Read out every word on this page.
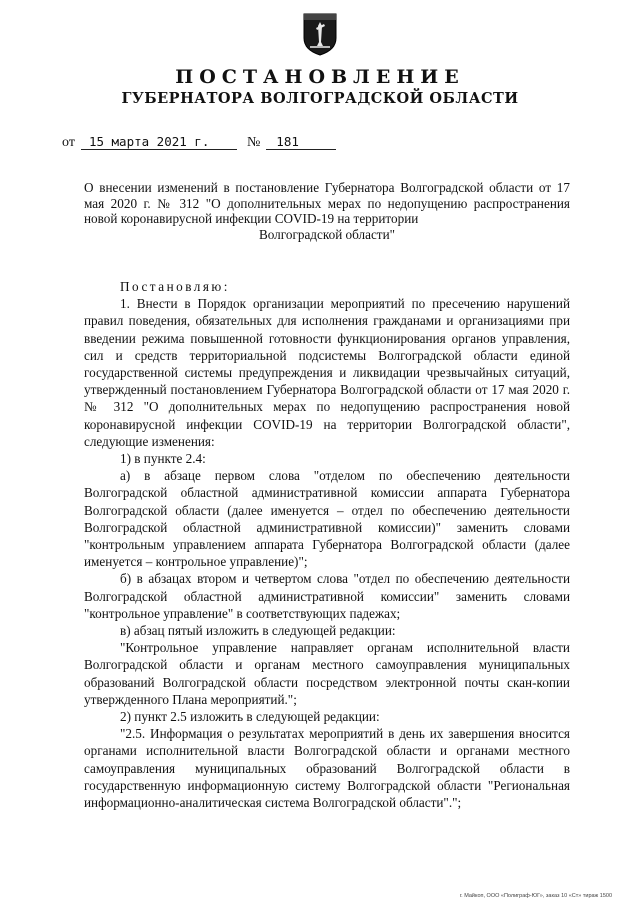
ПОСТАНОВЛЕНИЕ
ГУБЕРНАТОРА ВОЛГОГРАДСКОЙ ОБЛАСТИ
от 15 марта 2021 г.	№ 181
О внесении изменений в постановление Губернатора Волгоградской области от 17 мая 2020 г. № 312 "О дополнительных мерах по недопущению распространения новой коронавирусной инфекции COVID-19 на территории
Волгоградской области"

Постановляю:

1. Внести в Порядок организации мероприятий по пресечению нарушений правил поведения, обязательных для исполнения гражданами и организациями при введении режима повышенной готовности функционирования органов управления, сил и средств территориальной подсистемы Волгоградской области единой государственной системы предупреждения и ликвидации чрезвычайных ситуаций, утвержденный постановлением Губернатора Волгоградской области от 17 мая 2020 г. № 312 "О дополнительных мерах по недопущению распространения новой коронавирусной инфекции COVID-19 на территории Волгоградской области", следующие изменения:

1) в пункте 2.4:

а) в абзаце первом слова "отделом по обеспечению деятельности Волгоградской областной административной комиссии аппарата Губернатора Волгоградской области (далее именуется – отдел по обеспечению деятельности Волгоградской областной административной комиссии)" заменить словами "контрольным управлением аппарата Губернатора Волгоградской области (далее именуется – контрольное управление)";

б) в абзацах втором и четвертом слова "отдел по обеспечению деятельности Волгоградской областной административной комиссии" заменить словами "контрольное управление" в соответствующих падежах;

в) абзац пятый изложить в следующей редакции:

"Контрольное управление направляет органам исполнительной власти Волгоградской области и органам местного самоуправления муниципальных образований Волгоградской области посредством электронной почты скан-копии утвержденного Плана мероприятий.";

2) пункт 2.5 изложить в следующей редакции:

"2.5. Информация о результатах мероприятий в день их завершения вносится органами исполнительной власти Волгоградской области и органами местного самоуправления муниципальных образований Волгоградской области в государственную информационную систему Волгоградской области "Региональная информационно-аналитическая система Волгоградской области".";

г. Майкоп, ООО «Полиграф-ЮГ», заказ 10 «Ст» тираж 1500
